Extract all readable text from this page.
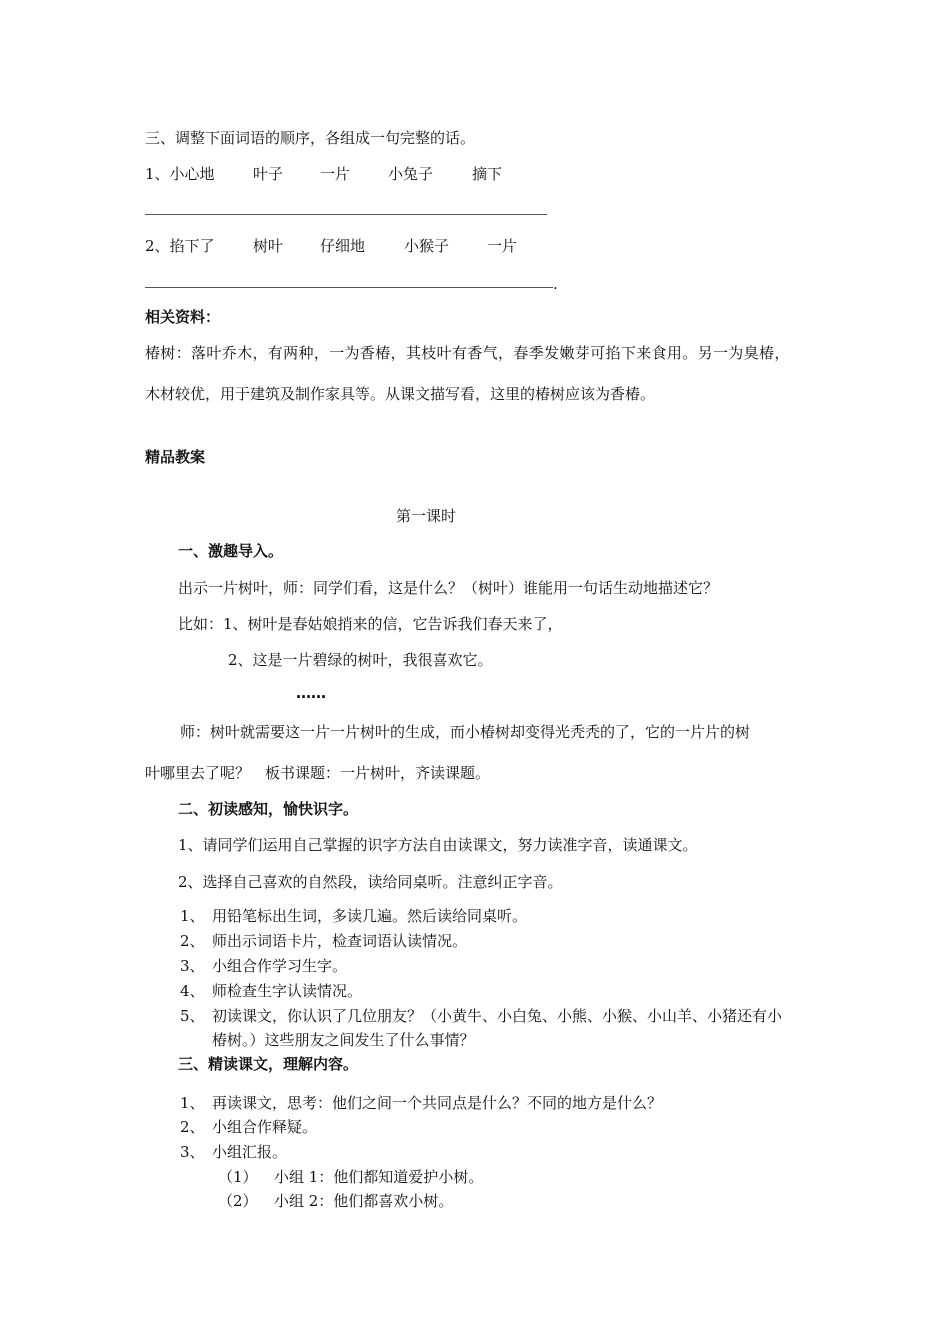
三、调整下面词语的顺序，各组成一句完整的话。
1、小心地	叶子 一片	小兔子	摘下
2、掐下了	树叶 仔细地	小猴子	一片
.
相关资料：
椿树：落叶乔木，有两种，一为香椿，其枝叶有香气，春季发嫩芽可掐下来食用。另一为臭椿，
木材较优，用于建筑及制作家具等。从课文描写看，这里的椿树应该为香椿。
精品教案
第一课时
一、激趣导入。
出示一片树叶，师：同学们看，这是什么？（树叶）谁能用一句话生动地描述它？
比如：1、树叶是春姑娘捎来的信，它告诉我们春天来了，
2、这是一片碧绿的树叶，我很喜欢它。
……
师：树叶就需要这一片一片树叶的生成，而小椿树却变得光秃秃的了，它的一片片的树
叶哪里去了呢？　板书课题：一片树叶，齐读课题。
二、初读感知，愉快识字。
1、请同学们运用自己掌握的识字方法自由读课文，努力读准字音，读通课文。
2、选择自己喜欢的自然段，读给同桌听。注意纠正字音。
1、 用铅笔标出生词，多读几遍。然后读给同桌听。
2、 师出示词语卡片，检查词语认读情况。
3、 小组合作学习生字。
4、 师检查生字认读情况。
5、 初读课文，你认识了几位朋友？（小黄牛、小白兔、小熊、小猴、小山羊、小猪还有小
椿树。）这些朋友之间发生了什么事情？
三、精读课文，理解内容。
1、 再读课文，思考：他们之间一个共同点是什么？不同的地方是什么？
2、 小组合作释疑。
3、 小组汇报。
（1） 小组 1：他们都知道爱护小树。
（2） 小组 2：他们都喜欢小树。
